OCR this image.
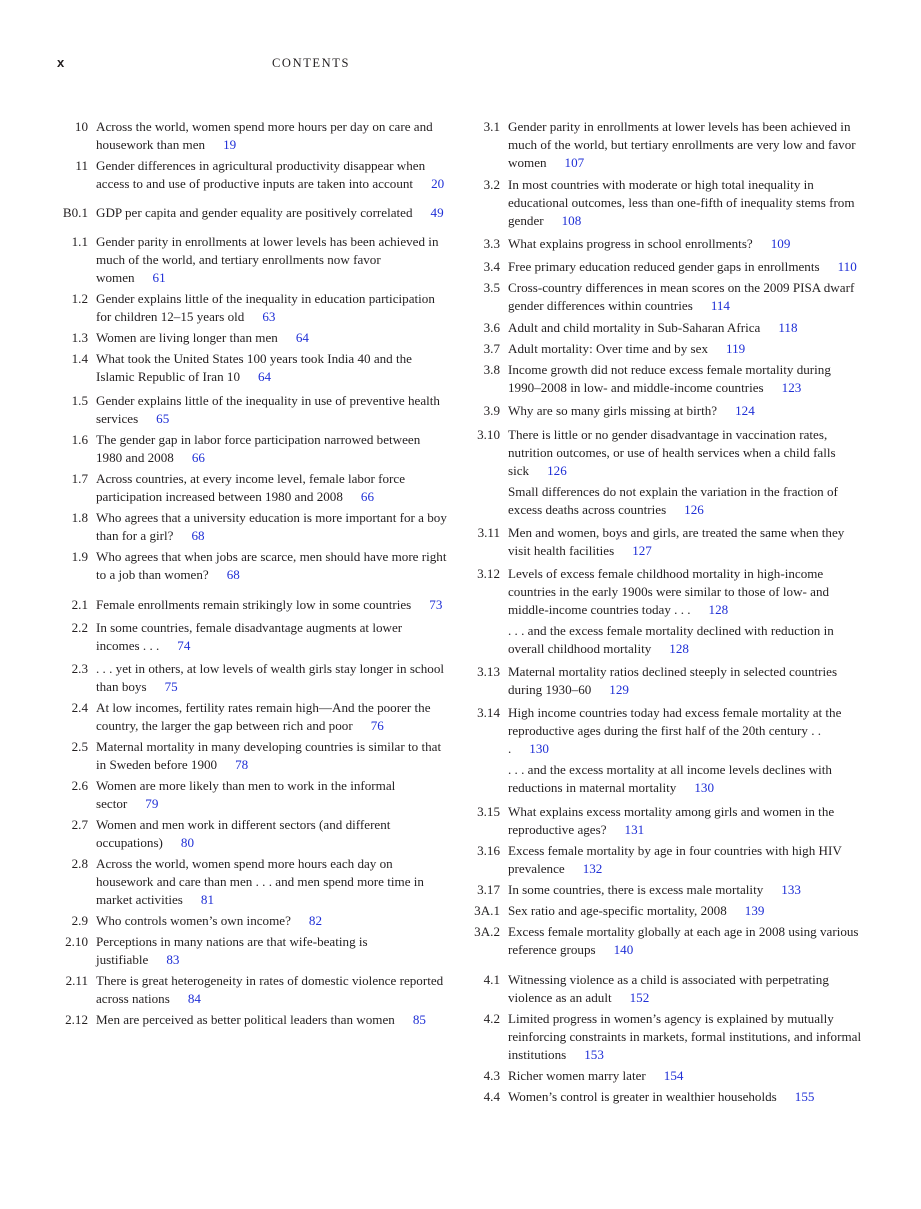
x	CONTENTS
10 Across the world, women spend more hours per day on care and housework than men 19
11 Gender differences in agricultural productivity disappear when access to and use of productive inputs are taken into account 20
B0.1 GDP per capita and gender equality are positively correlated 49
1.1 Gender parity in enrollments at lower levels has been achieved in much of the world, and tertiary enrollments now favor women 61
1.2 Gender explains little of the inequality in education participation for children 12–15 years old 63
1.3 Women are living longer than men 64
1.4 What took the United States 100 years took India 40 and the Islamic Republic of Iran 10 64
1.5 Gender explains little of the inequality in use of preventive health services 65
1.6 The gender gap in labor force participation narrowed between 1980 and 2008 66
1.7 Across countries, at every income level, female labor force participation increased between 1980 and 2008 66
1.8 Who agrees that a university education is more important for a boy than for a girl? 68
1.9 Who agrees that when jobs are scarce, men should have more right to a job than women? 68
2.1 Female enrollments remain strikingly low in some countries 73
2.2 In some countries, female disadvantage augments at lower incomes . . . 74
2.3 . . . yet in others, at low levels of wealth girls stay longer in school than boys 75
2.4 At low incomes, fertility rates remain high—And the poorer the country, the larger the gap between rich and poor 76
2.5 Maternal mortality in many developing countries is similar to that in Sweden before 1900 78
2.6 Women are more likely than men to work in the informal sector 79
2.7 Women and men work in different sectors (and different occupations) 80
2.8 Across the world, women spend more hours each day on housework and care than men . . . and men spend more time in market activities 81
2.9 Who controls women’s own income? 82
2.10 Perceptions in many nations are that wife-beating is justifiable 83
2.11 There is great heterogeneity in rates of domestic violence reported across nations 84
2.12 Men are perceived as better political leaders than women 85
3.1 Gender parity in enrollments at lower levels has been achieved in much of the world, but tertiary enrollments are very low and favor women 107
3.2 In most countries with moderate or high total inequality in educational outcomes, less than one-fifth of inequality stems from gender 108
3.3 What explains progress in school enrollments? 109
3.4 Free primary education reduced gender gaps in enrollments 110
3.5 Cross-country differences in mean scores on the 2009 PISA dwarf gender differences within countries 114
3.6 Adult and child mortality in Sub-Saharan Africa 118
3.7 Adult mortality: Over time and by sex 119
3.8 Income growth did not reduce excess female mortality during 1990–2008 in low- and middle-income countries 123
3.9 Why are so many girls missing at birth? 124
3.10 There is little or no gender disadvantage in vaccination rates, nutrition outcomes, or use of health services when a child falls sick 126
Small differences do not explain the variation in the fraction of excess deaths across countries 126
3.11 Men and women, boys and girls, are treated the same when they visit health facilities 127
3.12 Levels of excess female childhood mortality in high-income countries in the early 1900s were similar to those of low- and middle-income countries today . . . 128
. . . and the excess female mortality declined with reduction in overall childhood mortality 128
3.13 Maternal mortality ratios declined steeply in selected countries during 1930–60 129
3.14 High income countries today had excess female mortality at the reproductive ages during the first half of the 20th century . . . 130
. . . and the excess mortality at all income levels declines with reductions in maternal mortality 130
3.15 What explains excess mortality among girls and women in the reproductive ages? 131
3.16 Excess female mortality by age in four countries with high HIV prevalence 132
3.17 In some countries, there is excess male mortality 133
3A.1 Sex ratio and age-specific mortality, 2008 139
3A.2 Excess female mortality globally at each age in 2008 using various reference groups 140
4.1 Witnessing violence as a child is associated with perpetrating violence as an adult 152
4.2 Limited progress in women’s agency is explained by mutually reinforcing constraints in markets, formal institutions, and informal institutions 153
4.3 Richer women marry later 154
4.4 Women’s control is greater in wealthier households 155
